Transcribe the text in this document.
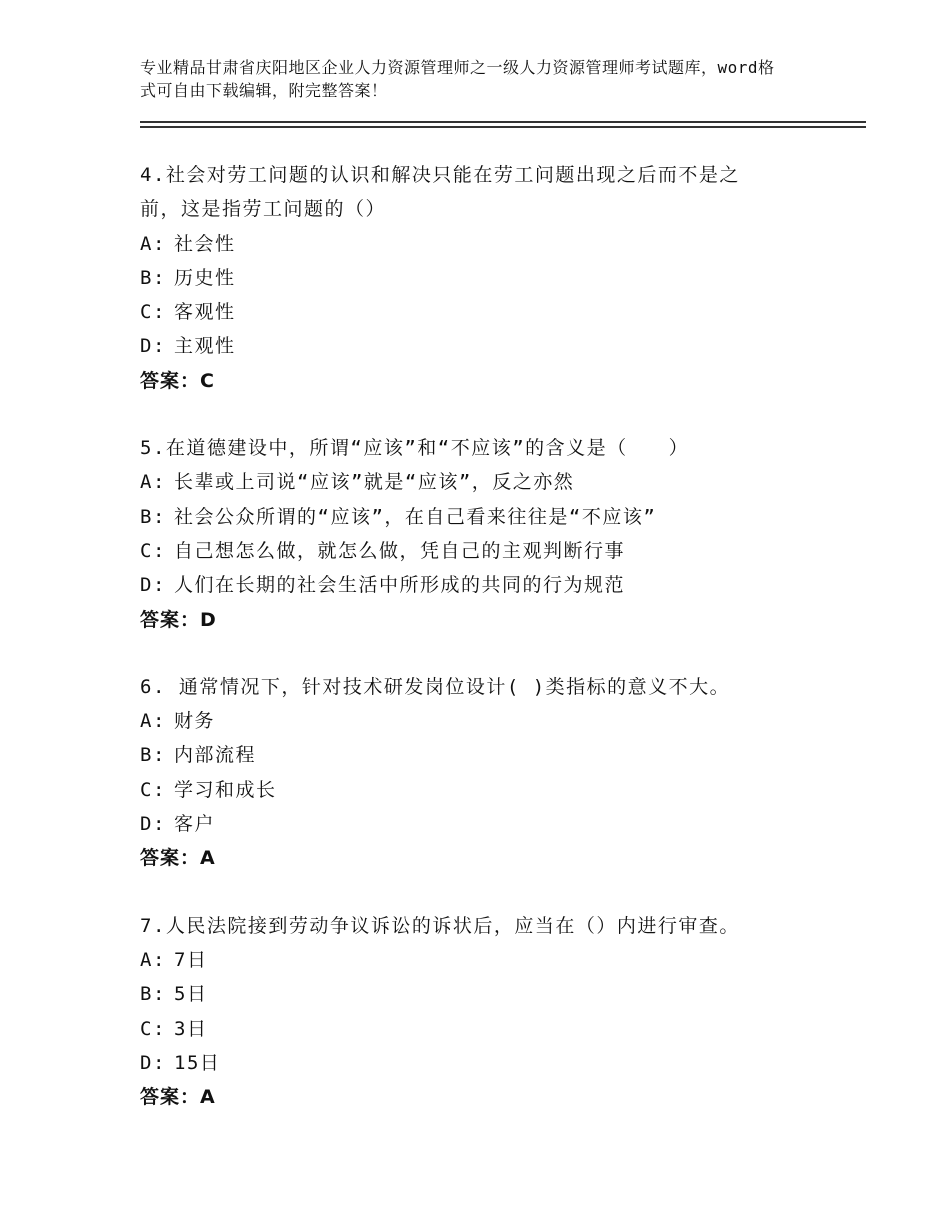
专业精品甘肃省庆阳地区企业人力资源管理师之一级人力资源管理师考试题库，word格式可自由下载编辑，附完整答案！
4.社会对劳工问题的认识和解决只能在劳工问题出现之后而不是之前，这是指劳工问题的（）
A: 社会性
B: 历史性
C: 客观性
D: 主观性
答案：C
5.在道德建设中，所谓“应该”和“不应该”的含义是（　　）
A: 长辈或上司说“应该”就是“应该”，反之亦然
B: 社会公众所谓的“应该”，在自己看来往往是“不应该”
C: 自己想怎么做，就怎么做，凭自己的主观判断行事
D: 人们在长期的社会生活中所形成的共同的行为规范
答案：D
6. 通常情况下，针对技术研发岗位设计( )类指标的意义不大。
A: 财务
B: 内部流程
C: 学习和成长
D: 客户
答案：A
7.人民法院接到劳动争议诉讼的诉状后，应当在（）内进行审查。
A: 7日
B: 5日
C: 3日
D: 15日
答案：A
